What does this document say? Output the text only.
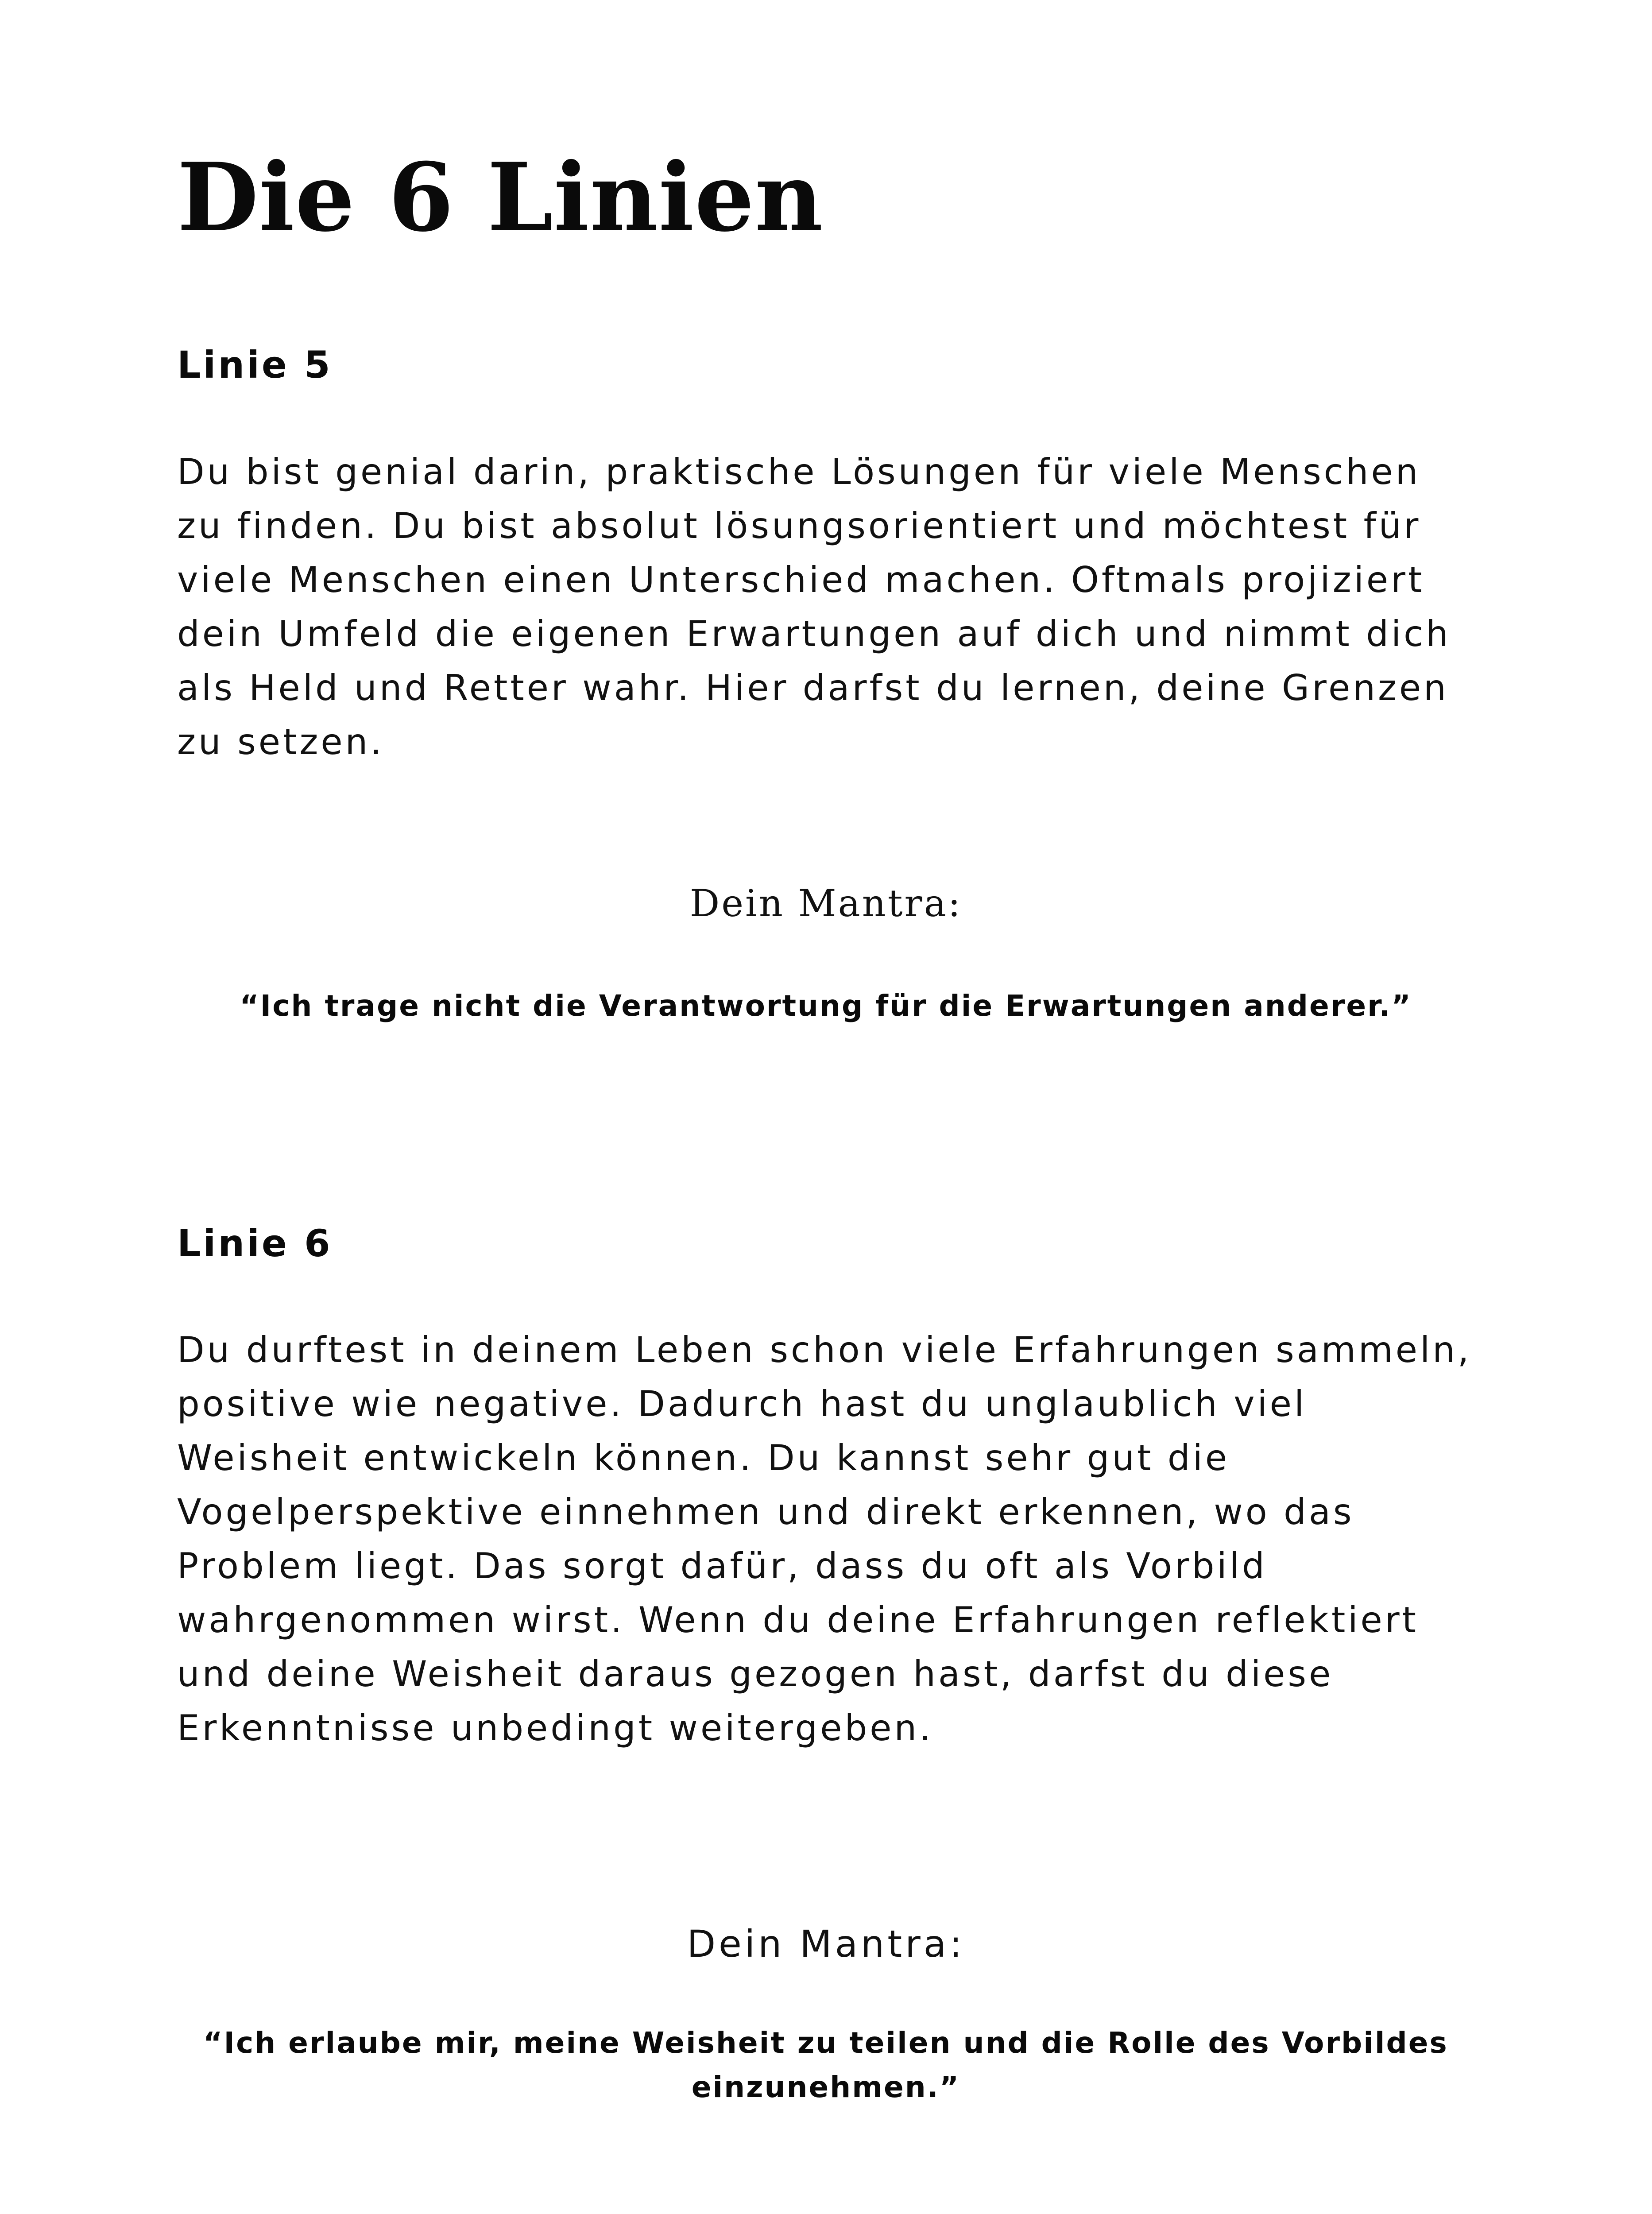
Die 6 Linien
Linie 5

Du bist genial darin, praktische Lösungen für viele Menschen zu finden. Du bist absolut lösungsorientiert und möchtest für viele Menschen einen Unterschied machen. Oftmals projiziert dein Umfeld die eigenen Erwartungen auf dich und nimmt dich als Held und Retter wahr. Hier darfst du lernen, deine Grenzen zu setzen.

Dein Mantra:

“Ich trage nicht die Verantwortung für die Erwartungen anderer.”

Linie 6

Du durftest in deinem Leben schon viele Erfahrungen sammeln, positive wie negative. Dadurch hast du unglaublich viel Weisheit entwickeln können. Du kannst sehr gut die Vogelperspektive einnehmen und direkt erkennen, wo das Problem liegt. Das sorgt dafür, dass du oft als Vorbild wahrgenommen wirst. Wenn du deine Erfahrungen reflektiert und deine Weisheit daraus gezogen hast, darfst du diese Erkenntnisse unbedingt weitergeben.

Dein Mantra:

“Ich erlaube mir, meine Weisheit zu teilen und die Rolle des Vorbildes einzunehmen.”
